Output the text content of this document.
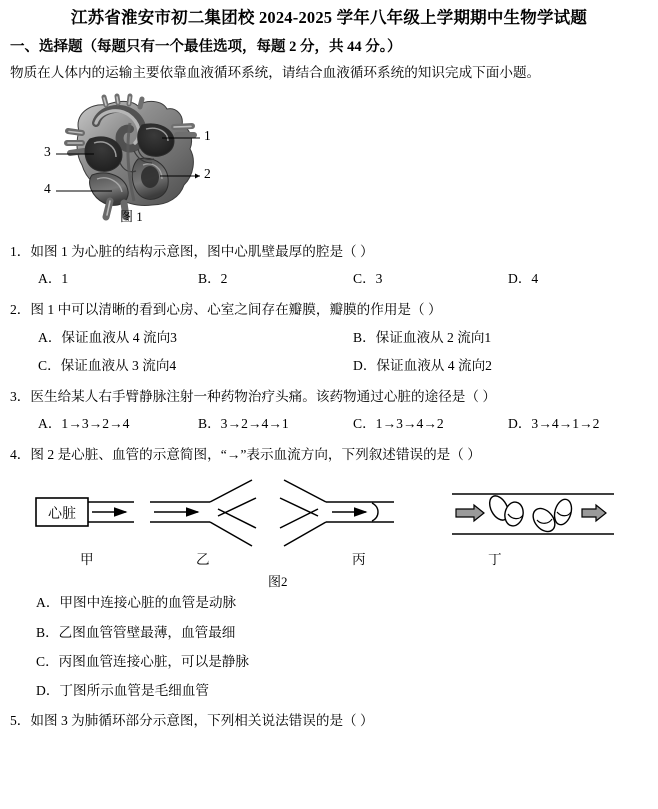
江苏省淮安市初二集团校 2024-2025 学年八年级上学期期中生物学试题
一、选择题（每题只有一个最佳选项，每题 2 分，共 44 分。）
物质在人体内的运输主要依靠血液循环系统，请结合血液循环系统的知识完成下面小题。
1
2
3
4
图 1
1．如图 1 为心脏的结构示意图，图中心肌壁最厚的腔是（ ）
A．1	B．2	C．3	D．4
2．图 1 中可以清晰的看到心房、心室之间存在瓣膜，瓣膜的作用是（ ）
A．保证血液从 4 流向3	B．保证血液从 2 流向1
C．保证血液从 3 流向4	D．保证血液从 4 流向2
3．医生给某人右手臂静脉注射一种药物治疗头痛。该药物通过心脏的途径是（ ）
A．1→3→2→4	B．3→2→4→1	C．1→3→4→2	D．3→4→1→2
4．图 2 是心脏、血管的示意简图，“→”表示血流方向，下列叙述错误的是（ ）
心脏
甲	乙	丙	丁
图2
A．甲图中连接心脏的血管是动脉
B．乙图血管管壁最薄，血管最细
C．丙图血管连接心脏，可以是静脉
D．丁图所示血管是毛细血管
5．如图 3 为肺循环部分示意图，下列相关说法错误的是（ ）
